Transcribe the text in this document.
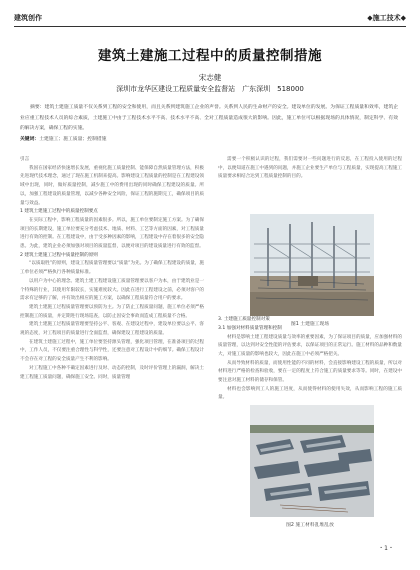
建筑创作	◆施工技术◆
建筑土建施工过程中的质量控制措施
宋志健
深圳市龙华区建设工程质量安全监督站　广东深圳　518000
摘要：建筑土建施工质量不仅关系到工程的安全和使用，而且关系到建筑施工企业的声誉。关系到人民的生命财产的安全。建设单位的发展。为保证工程质量和效率，建筑企业应重工程技术人员的综合素质，土建施工中由于工程技术水平不高、技术水平不高、全对工程质量造成很大的影响。因此，施工单位可以根据现场的具体情况，制定科学、有效的解决方案，确保工程的实施。
关键词：土建施工；施工质量；控制措施

引言

我国在国家经济快速增长发展，重视化施工质量控制、能保障自然质量管理方法，积极先进现代技术理念，通过了现在施工机制来提高。影响建设工程质量的控制是在工程建设领域中出现，同时，做好质量控制，减少施工中的费用出现的同时确保工程建设的质量。所以，加强工程建设的质量管理，以减少各种安全风险，保证工程的施期完工，确保项目的质量与效益。

1 建筑土建施工过程中的质量控制要点

在实际工程中，影响工程质量的因素很多。所以，施工单位要制定施工方案。为了确保项目的长期建设，施工单位要充分考虑技术、地质、材料、工艺等方面的因素，对工程质量进行有效的控制。在工程建设中，由于受多种因素的影响，工程建设中存在着很多的安全隐患。为此，建筑企业必须加强对项目的质量监督，以便对项目的建设质量进行有效的监督。

2 建筑土建施工过程中质量控制的原则

“以质取胜”的原则，建设工程质量管理要以“质量”为先。为了确保工程建设的质量，施工单位必须严格执行各种质量标准。

以用户为中心的理念。建筑土建工程建设施工质量管理要以客户为本，由于建筑业是一个特殊的行业，其使用年限较长，实施难度较大。因此在进行工程建设之前，必须对客户的需求有足够的了解，并有效出相应的施工方案，以确保工程质量符合用户的要求。

建筑土建施工过程质量管理要以预防为主。为了防止工程质量问题，施工单位必须严格控制施工的质量，并定期进行现场巡查，以防止因安全事故而造成工程质量不合格。

建筑土建施工过程质量管理要坚持公平、客观、在建设过程中，建设单位要以公平、客观的态度，对工程项目的质量进行全面监督，确保建设工程建设的质量。

在建筑土建施工过程中，施工单位要坚持源头管理，强化项目管理，在准备项目的过程中，工作人员，不仅要注重合理性与科学性，还要注意对工程设计中的细节。确保工程设计不会存在对工程的安全质量产生不利的影响。

对工程施工中各种不确定因素进行及时、动态的控制，及时评价管理上的漏洞，解决土建工程施工质量问题，确保施工安全。同时，质量管理

需要一个积极认识的过程，我们需要对一些问题进行的反思，在工程投入使用的过程中，以便知道在施工中遇到的问题，并施工企业要生产单位与工程质量，实现提高工程施工质量要求相结合达到工程质量控制的目的。

3. 土建施工质量控制对策

3.1 加强对材料质量管理和控制

材料是影响土建工程建设质量与效率的重要因素，为了保证项目的质量，应加强材料的质量管理，以达到对安全性能的评估要求，以保证项目的正常运行。施工材料的品种和数量大，对施工质量的影响也较大，因此在施工中必须严格把关。

从而导致材料的质量，而使用性能的不同的材料，会直接影响建设工程的质量，所以对材料进行严格的检查和验收，要在一定的程度上符合施工的质量要求等等。同时，在建设中要注意对施工材料的储存和保管。

材料也会影响到工人的施工进度，从而使得材料的使用失效，从而影响工程的施工质量。

图1 土建施工现场
图2 施工材料乱堆乱放
・1・
